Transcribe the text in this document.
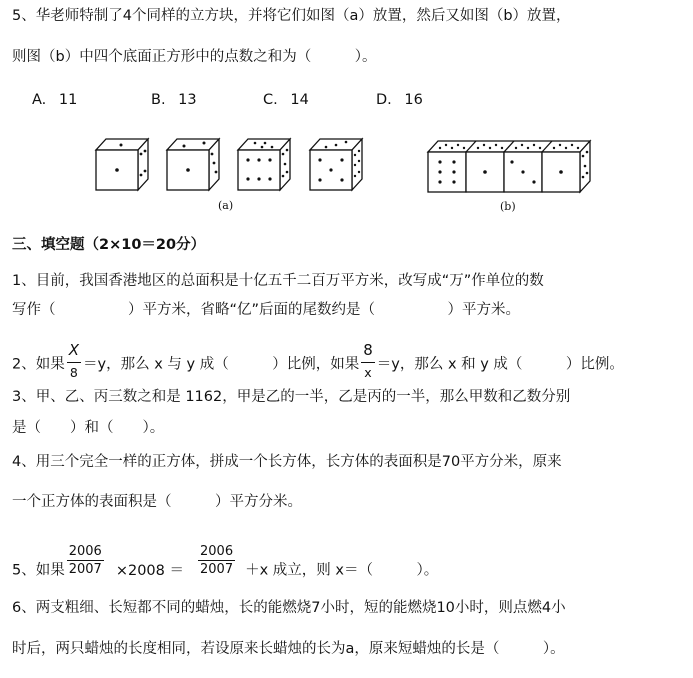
5、华老师特制了4个同样的立方块，并将它们如图（a）放置，然后又如图（b）放置，
则图（b）中四个底面正方形中的点数之和为（　　　）。
A. 11	B. 13	C. 14	D. 16
(a)	(b)
三、填空题（2×10＝20分）
1、目前，我国香港地区的总面积是十亿五千二百万平方米，改写成“万”作单位的数
写作（　　　　　）平方米，省略“亿”后面的尾数约是（　　　　　）平方米。
2、如果 $\frac{X}{8} =y$，那么 x 与 y 成（　　　）比例，如果 $\frac{8}{x} =y$，那么 x 和 y 成（　　　）比例。
3、甲、乙、丙三数之和是 1162，甲是乙的一半，乙是丙的一半，那么甲数和乙数分别
是（　　）和（　　）。
4、用三个完全一样的正方体，拼成一个长方体，长方体的表面积是70平方分米，原来
一个正方体的表面积是（　　　）平方分米。
5、如果 $\frac{2006}{2007} \times 2008 = \frac{2006}{2007} +x$ 成立，则 x＝（　　　）。
6、两支粗细、长短都不同的蜡烛，长的能燃烧7小时，短的能燃烧10小时，则点燃4小
时后，两只蜡烛的长度相同，若设原来长蜡烛的长为a，原来短蜡烛的长是（　　　）。
